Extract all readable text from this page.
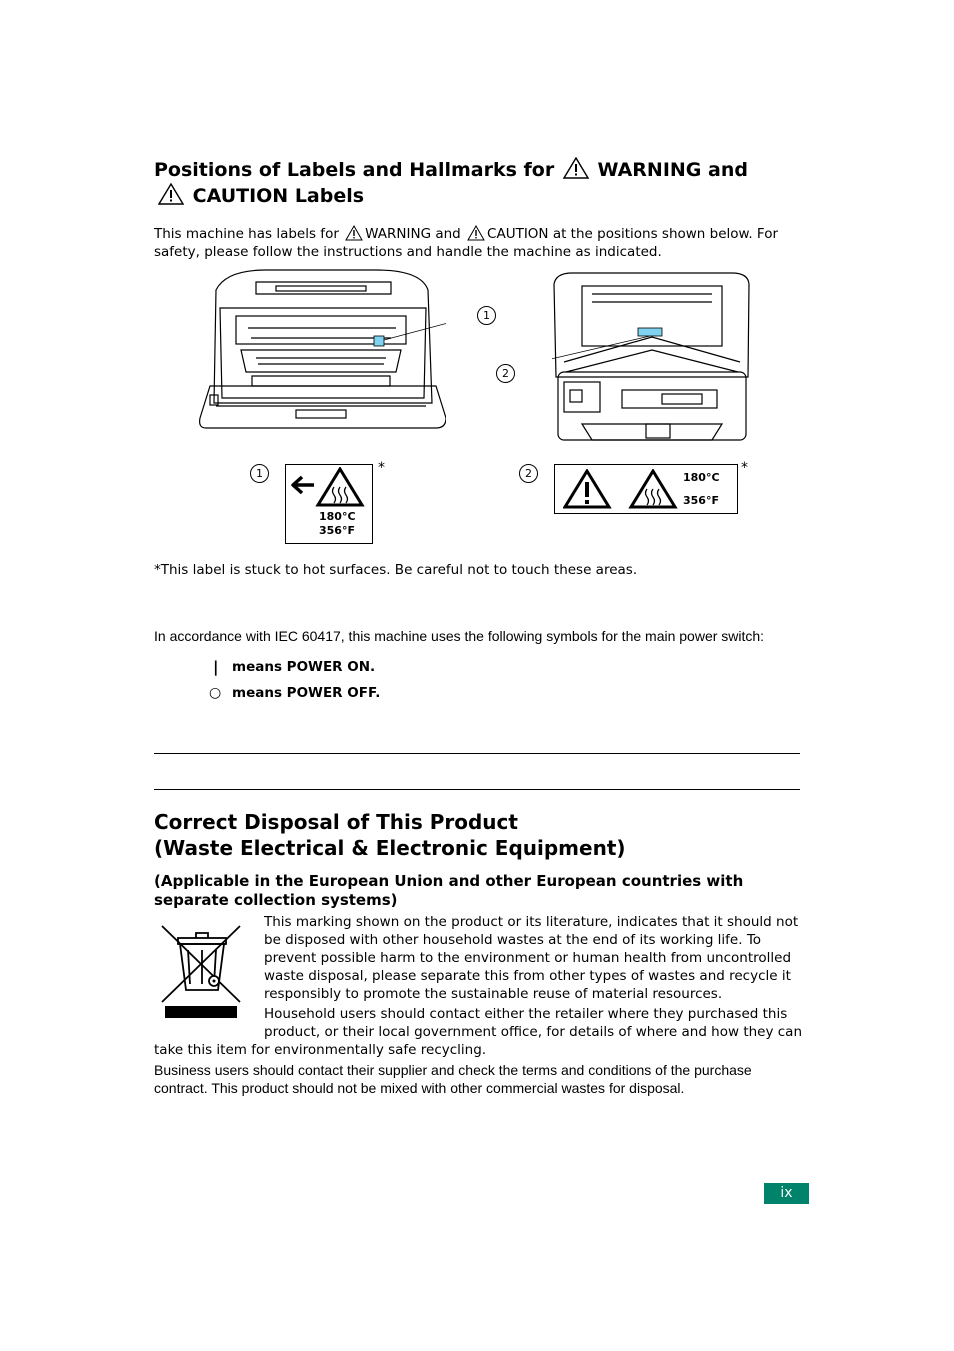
Positions of Labels and Hallmarks for WARNING and
CAUTION Labels
This machine has labels for WARNING and CAUTION at the positions shown below. For
safety, please follow the instructions and handle the machine as indicated.
1
2
1
180°C
356°F
*	2	180°C
356°F
*
*This label is stuck to hot surfaces. Be careful not to touch these areas.
In accordance with IEC 60417, this machine uses the following symbols for the main power switch:
| means POWER ON.
○ means POWER OFF.
Correct Disposal of This Product
(Waste Electrical & Electronic Equipment)
(Applicable in the European Union and other European countries with
separate collection systems)
This marking shown on the product or its literature, indicates that it should not
be disposed with other household wastes at the end of its working life. To
prevent possible harm to the environment or human health from uncontrolled
waste disposal, please separate this from other types of wastes and recycle it
responsibly to promote the sustainable reuse of material resources.
Household users should contact either the retailer where they purchased this
product, or their local government office, for details of where and how they can
take this item for environmentally safe recycling.
Business users should contact their supplier and check the terms and conditions of the purchase
contract. This product should not be mixed with other commercial wastes for disposal.
ix
